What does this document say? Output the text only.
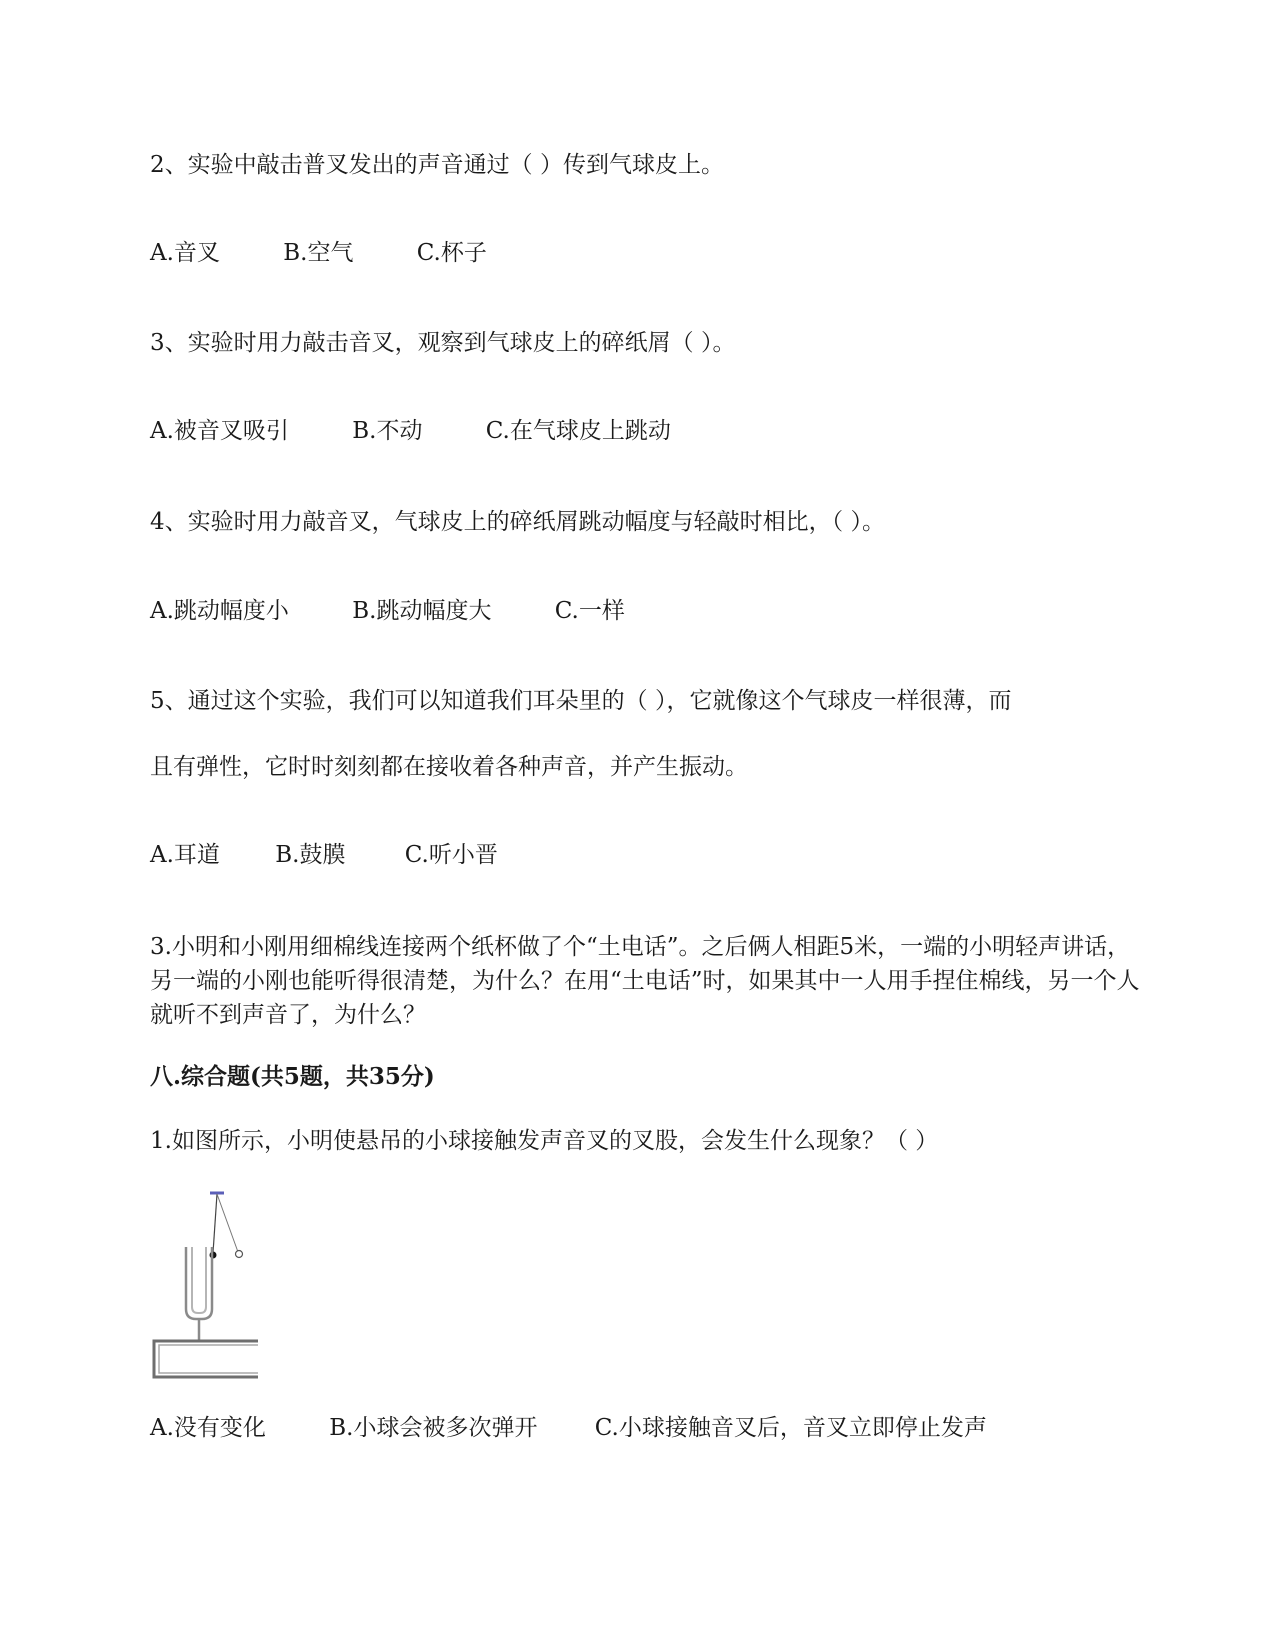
2、实验中敲击普叉发出的声音通过（ ）传到气球皮上。

A.音叉	B.空气	C.杯子

3、实验时用力敲击音叉，观察到气球皮上的碎纸屑（ ）。

A.被音叉吸引	B.不动	C.在气球皮上跳动

4、实验时用力敲音叉，气球皮上的碎纸屑跳动幅度与轻敲时相比，（ ）。

A.跳动幅度小	B.跳动幅度大	C.一样

5、通过这个实验，我们可以知道我们耳朵里的（ ），它就像这个气球皮一样很薄，而

且有弹性，它时时刻刻都在接收着各种声音，并产生振动。

A.耳道 B.鼓膜	C.听小晋

3.小明和小刚用细棉线连接两个纸杯做了个“土电话”。之后俩人相距5米，一端的小明轻声讲话，另一端的小刚也能听得很清楚，为什么？在用“土电话”时，如果其中一人用手捏住棉线，另一个人就听不到声音了，为什么？

八.综合题(共5题，共35分)

1.如图所示，小明使悬吊的小球接触发声音叉的叉股，会发生什么现象？（ ）

A.没有变化	B.小球会被多次弹开 C.小球接触音叉后，音叉立即停止发声
